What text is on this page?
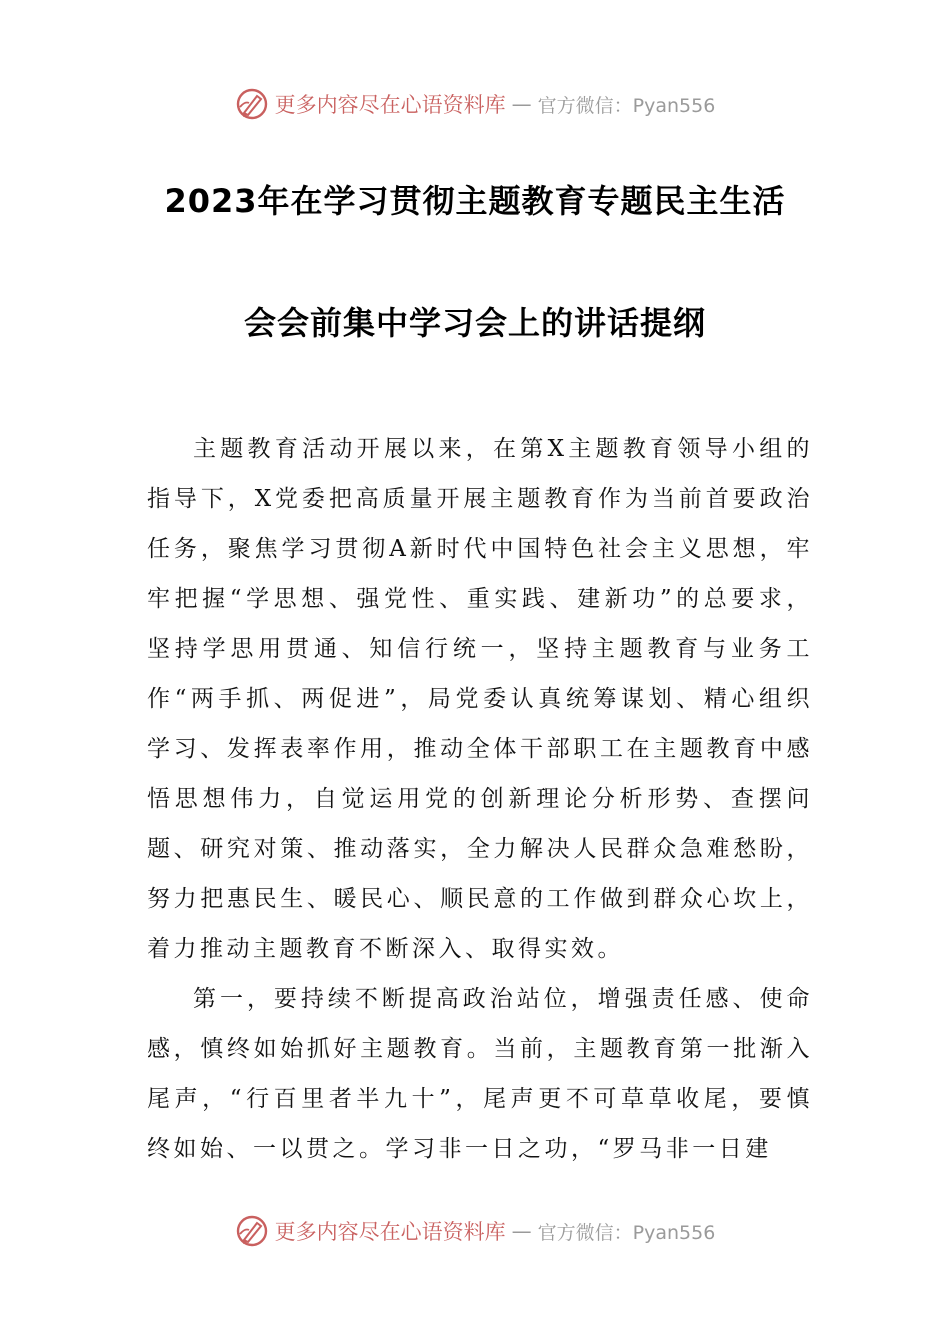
更多内容尽在心语资料库 — 官方微信：Pyan556
2023年在学习贯彻主题教育专题民主生活
会会前集中学习会上的讲话提纲

主题教育活动开展以来，在第X主题教育领导小组的指导下，X党委把高质量开展主题教育作为当前首要政治任务，聚焦学习贯彻A新时代中国特色社会主义思想，牢牢把握“学思想、强党性、重实践、建新功”的总要求，坚持学思用贯通、知信行统一，坚持主题教育与业务工作“两手抓、两促进”，局党委认真统筹谋划、精心组织学习、发挥表率作用，推动全体干部职工在主题教育中感悟思想伟力，自觉运用党的创新理论分析形势、查摆问题、研究对策、推动落实，全力解决人民群众急难愁盼，努力把惠民生、暖民心、顺民意的工作做到群众心坎上，着力推动主题教育不断深入、取得实效。

第一，要持续不断提高政治站位，增强责任感、使命感，慎终如始抓好主题教育。当前，主题教育第一批渐入尾声，“行百里者半九十”，尾声更不可草草收尾，要慎终如始、一以贯之。学习非一日之功，“罗马非一日建

更多内容尽在心语资料库 — 官方微信：Pyan556
